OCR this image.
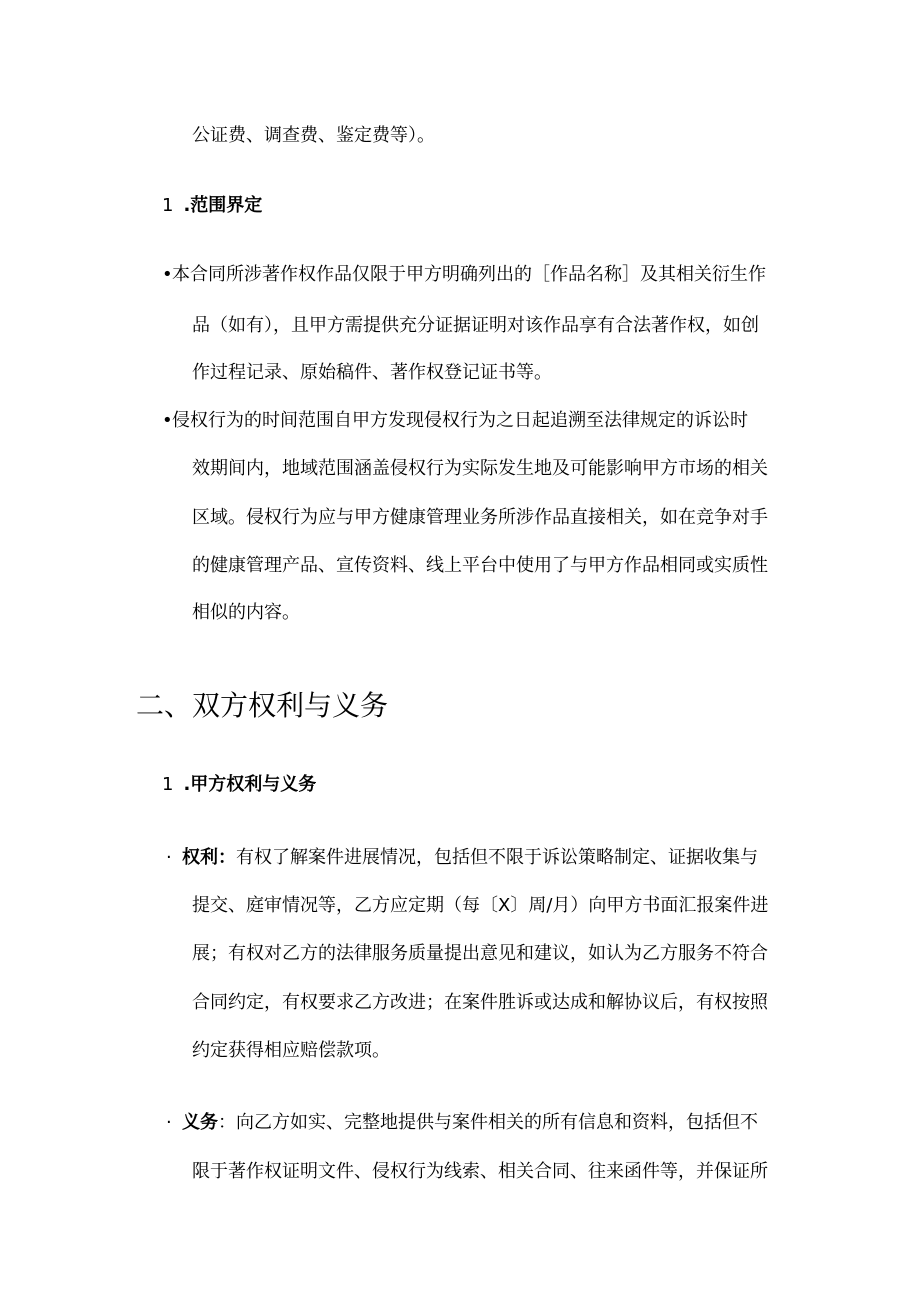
公证费、调查费、鉴定费等）。
1 .范围界定
• 本合同所涉著作权作品仅限于甲方明确列出的［作品名称］及其相关衍生作
品（如有），且甲方需提供充分证据证明对该作品享有合法著作权，如创
作过程记录、原始稿件、著作权登记证书等。
• 侵权行为的时间范围自甲方发现侵权行为之日起追溯至法律规定的诉讼时
效期间内，地域范围涵盖侵权行为实际发生地及可能影响甲方市场的相关
区域。侵权行为应与甲方健康管理业务所涉作品直接相关，如在竞争对手
的健康管理产品、宣传资料、线上平台中使用了与甲方作品相同或实质性
相似的内容。
二、双方权利与义务
1 .甲方权利与义务
· 权利：有权了解案件进展情况，包括但不限于诉讼策略制定、证据收集与
提交、庭审情况等，乙方应定期（每〔X〕周/月）向甲方书面汇报案件进
展；有权对乙方的法律服务质量提出意见和建议，如认为乙方服务不符合
合同约定，有权要求乙方改进；在案件胜诉或达成和解协议后，有权按照
约定获得相应赔偿款项。
· 义务：向乙方如实、完整地提供与案件相关的所有信息和资料，包括但不
限于著作权证明文件、侵权行为线索、相关合同、往来函件等，并保证所
